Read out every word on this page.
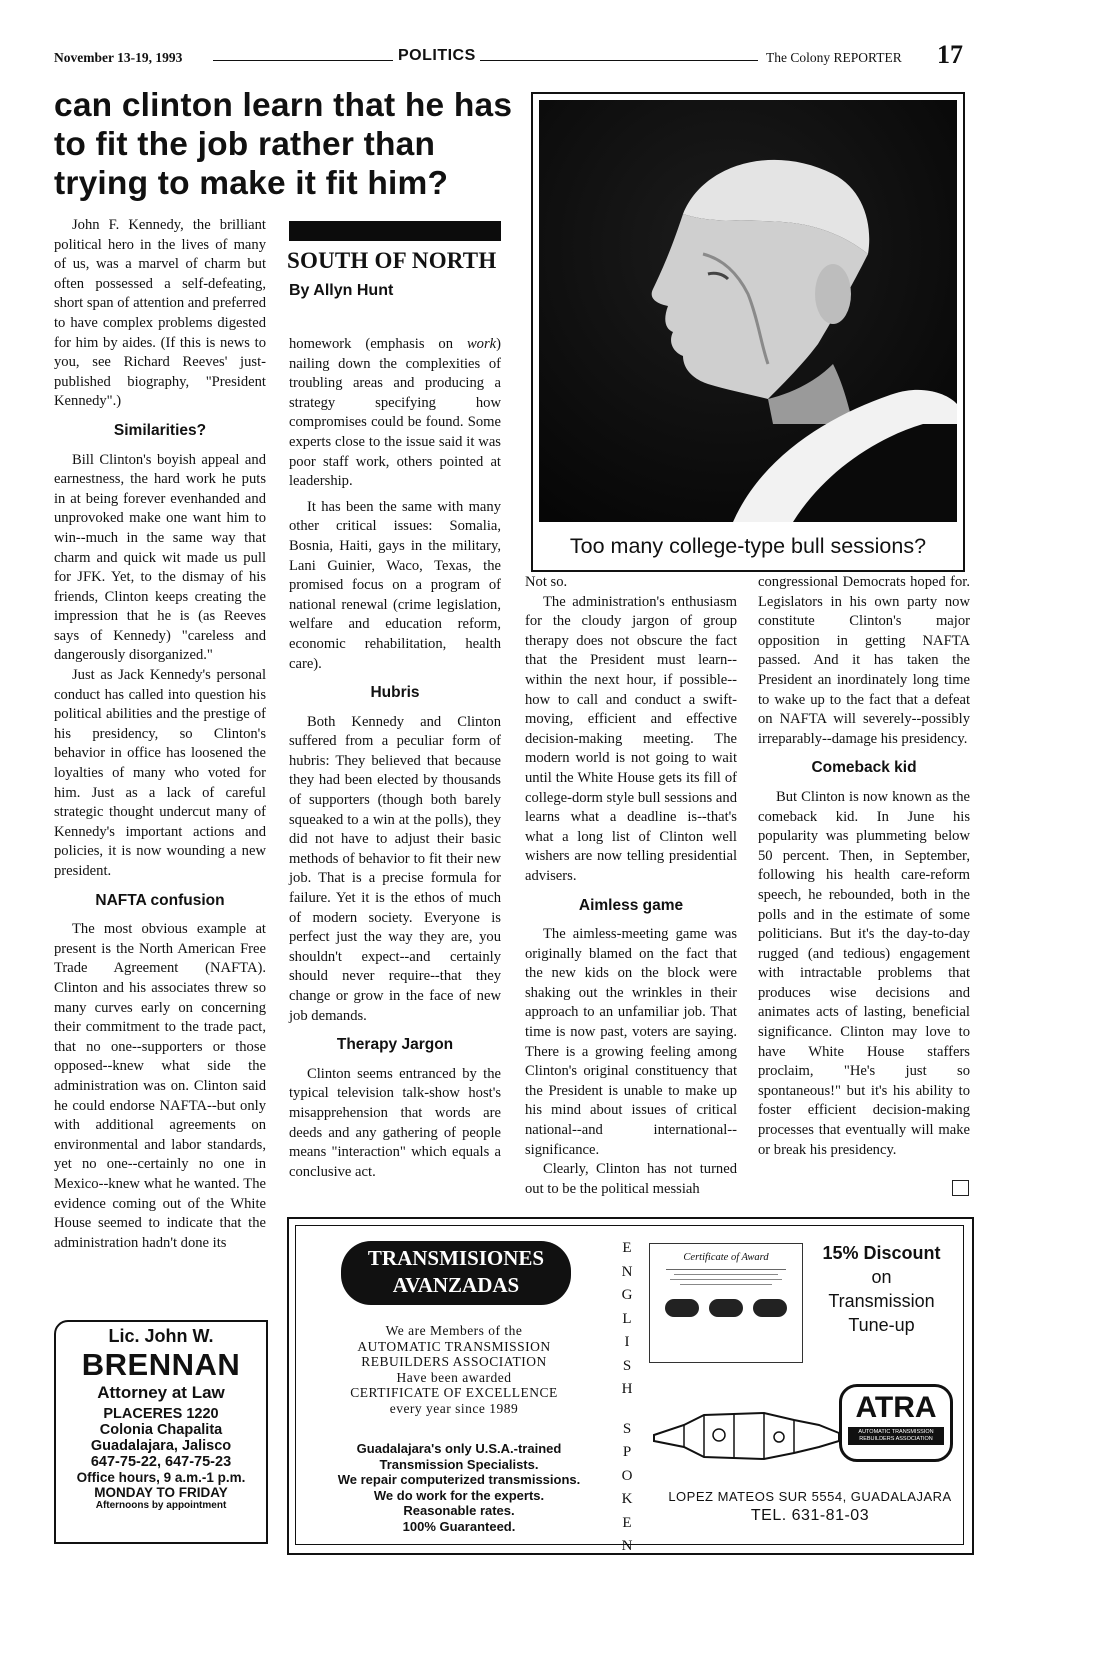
November 13-19, 1993	POLITICS	The Colony REPORTER 17
can clinton learn that he has to fit the job rather than trying to make it fit him?
Too many college-type bull sessions?
SOUTH OF NORTH
By Allyn Hunt

John F. Kennedy, the brilliant political hero in the lives of many of us, was a marvel of charm but often possessed a self-defeating, short span of attention and preferred to have complex problems digested for him by aides. (If this is news to you, see Richard Reeves' just-published biography, "President Kennedy".)

Similarities?

Bill Clinton's boyish appeal and earnestness, the hard work he puts in at being forever evenhanded and unprovoked make one want him to win--much in the same way that charm and quick wit made us pull for JFK. Yet, to the dismay of his friends, Clinton keeps creating the impression that he is (as Reeves says of Kennedy) "careless and dangerously disorganized."

Just as Jack Kennedy's personal conduct has called into question his political abilities and the prestige of his presidency, so Clinton's behavior in office has loosened the loyalties of many who voted for him. Just as a lack of careful strategic thought undercut many of Kennedy's important actions and policies, it is now wounding a new president.

NAFTA confusion

The most obvious example at present is the North American Free Trade Agreement (NAFTA). Clinton and his associates threw so many curves early on concerning their commitment to the trade pact, that no one--supporters or those opposed--knew what side the administration was on. Clinton said he could endorse NAFTA--but only with additional agreements on environmental and labor standards, yet no one--certainly no one in Mexico--knew what he wanted. The evidence coming out of the White House seemed to indicate that the administration hadn't done its

homework (emphasis on work) nailing down the complexities of troubling areas and producing a strategy specifying how compromises could be found. Some experts close to the issue said it was poor staff work, others pointed at leadership.

It has been the same with many other critical issues: Somalia, Bosnia, Haiti, gays in the military, Lani Guinier, Waco, Texas, the promised focus on a program of national renewal (crime legislation, welfare and education reform, economic rehabilitation, health care).

Hubris

Both Kennedy and Clinton suffered from a peculiar form of hubris: They believed that because they had been elected by thousands of supporters (though both barely squeaked to a win at the polls), they did not have to adjust their basic methods of behavior to fit their new job. That is a precise formula for failure. Yet it is the ethos of much of modern society. Everyone is perfect just the way they are, you shouldn't expect--and certainly should never require--that they change or grow in the face of new job demands.

Therapy Jargon

Clinton seems entranced by the typical television talk-show host's misapprehension that words are deeds and any gathering of people means "interaction" which equals a conclusive act.

Not so.

The administration's enthusiasm for the cloudy jargon of group therapy does not obscure the fact that the President must learn--within the next hour, if possible--how to call and conduct a swift-moving, efficient and effective decision-making meeting. The modern world is not going to wait until the White House gets its fill of college-dorm style bull sessions and learns what a deadline is--that's what a long list of Clinton well wishers are now telling presidential advisers.

Aimless game

The aimless-meeting game was originally blamed on the fact that the new kids on the block were shaking out the wrinkles in their approach to an unfamiliar job. That time is now past, voters are saying. There is a growing feeling among Clinton's original constituency that the President is unable to make up his mind about issues of critical national--and international--significance.

Clearly, Clinton has not turned out to be the political messiah

congressional Democrats hoped for. Legislators in his own party now constitute Clinton's major opposition in getting NAFTA passed. And it has taken the President an inordinately long time to wake up to the fact that a defeat on NAFTA will severely--possibly irreparably--damage his presidency.

Comeback kid

But Clinton is now known as the comeback kid. In June his popularity was plummeting below 50 percent. Then, in September, following his health care-reform speech, he rebounded, both in the polls and in the estimate of some politicians. But it's the day-to-day rugged (and tedious) engagement with intractable problems that produces wise decisions and animates acts of lasting, beneficial significance. Clinton may love to have White House staffers proclaim, "He's just so spontaneous!" but it's his ability to foster efficient decision-making processes that eventually will make or break his presidency.

Lic. John W.
BRENNAN
Attorney at Law
PLACERES 1220
Colonia Chapalita
Guadalajara, Jalisco
647-75-22, 647-75-23
Office hours, 9 a.m.-1 p.m.
MONDAY TO FRIDAY
Afternoons by appointment
TRANSMISIONES
AVANZADAS
We are Members of the
AUTOMATIC TRANSMISSION
REBUILDERS ASSOCIATION
Have been awarded
CERTIFICATE OF EXCELLENCE
every year since 1989
Guadalajara's only U.S.A.-trained
Transmission Specialists.
We repair computerized transmissions.
We do work for the experts.
Reasonable rates.
100% Guaranteed.
E
N
G
L
I
S
H
S
P
O
K
E
N
Certificate of Award	15% Discount
on
Transmission
Tune-up
ATRA
AUTOMATIC TRANSMISSION REBUILDERS ASSOCIATION
LOPEZ MATEOS SUR 5554, GUADALAJARA
TEL. 631-81-03
